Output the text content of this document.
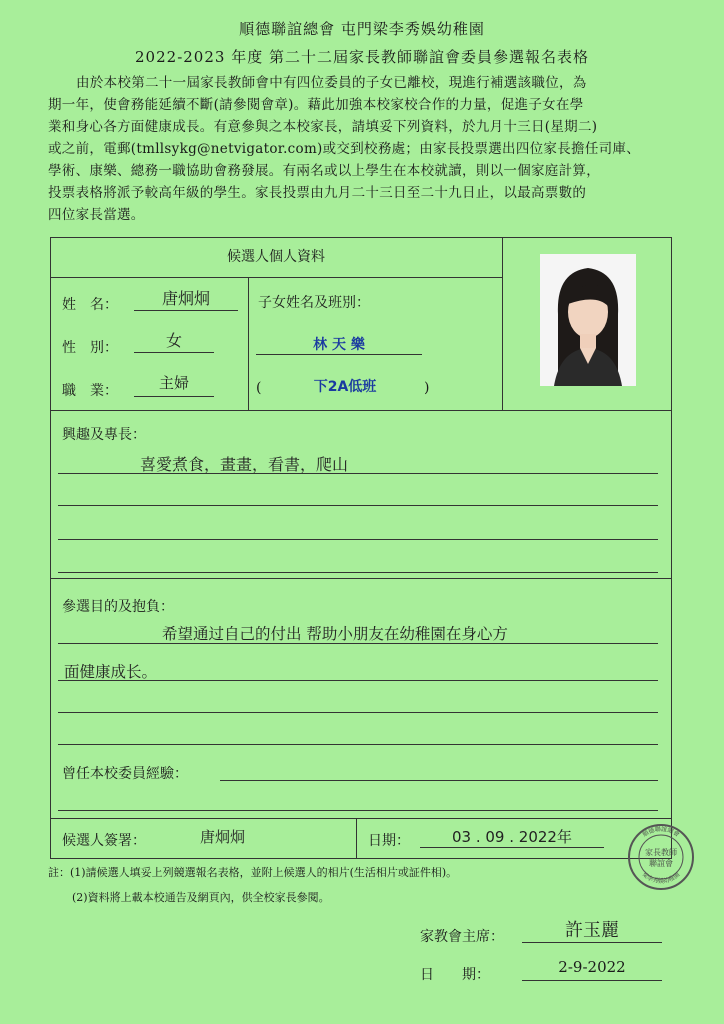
順德聯誼總會 屯門梁李秀娛幼稚園
2022-2023 年度 第二十二屆家長教師聯誼會委員參選報名表格
由於本校第二十一屆家長教師會中有四位委員的子女已離校，現進行補選該職位，為
期一年，使會務能延續不斷(請參閱會章)。藉此加強本校家校合作的力量，促進子女在學
業和身心各方面健康成長。有意參與之本校家長，請填妥下列資料，於九月十三日(星期二)
或之前，電郵(tmllsykg@netvigator.com)或交到校務處；由家長投票選出四位家長擔任司庫、
學術、康樂、總務一職協助會務發展。有兩名或以上學生在本校就讀，則以一個家庭計算，
投票表格將派予較高年級的學生。家長投票由九月二十三日至二十九日止，以最高票數的
四位家長當選。
候選人個人資料
姓　名：	唐炯炯
性　別：	女
職　業：	主婦
子女姓名及班別：
林 天 樂
(	下2A低班	)
興趣及專長：
喜愛煮食，畫畫，看書，爬山
參選目的及抱負：
希望通过自己的付出 帮助小朋友在幼稚園在身心方
面健康成长。
曾任本校委員經驗：
候選人簽署：	唐炯炯	日期：	03 . 09 . 2022年
家長教師
聯誼會
順德聯誼總會
梁李秀娛幼稚園
註：(1)請候選人填妥上列競選報名表格，並附上候選人的相片(生活相片或証件相)。
(2)資料將上載本校通告及網頁內，供全校家長參閱。
家教會主席：	許玉麗
日　　期：	2-9-2022
